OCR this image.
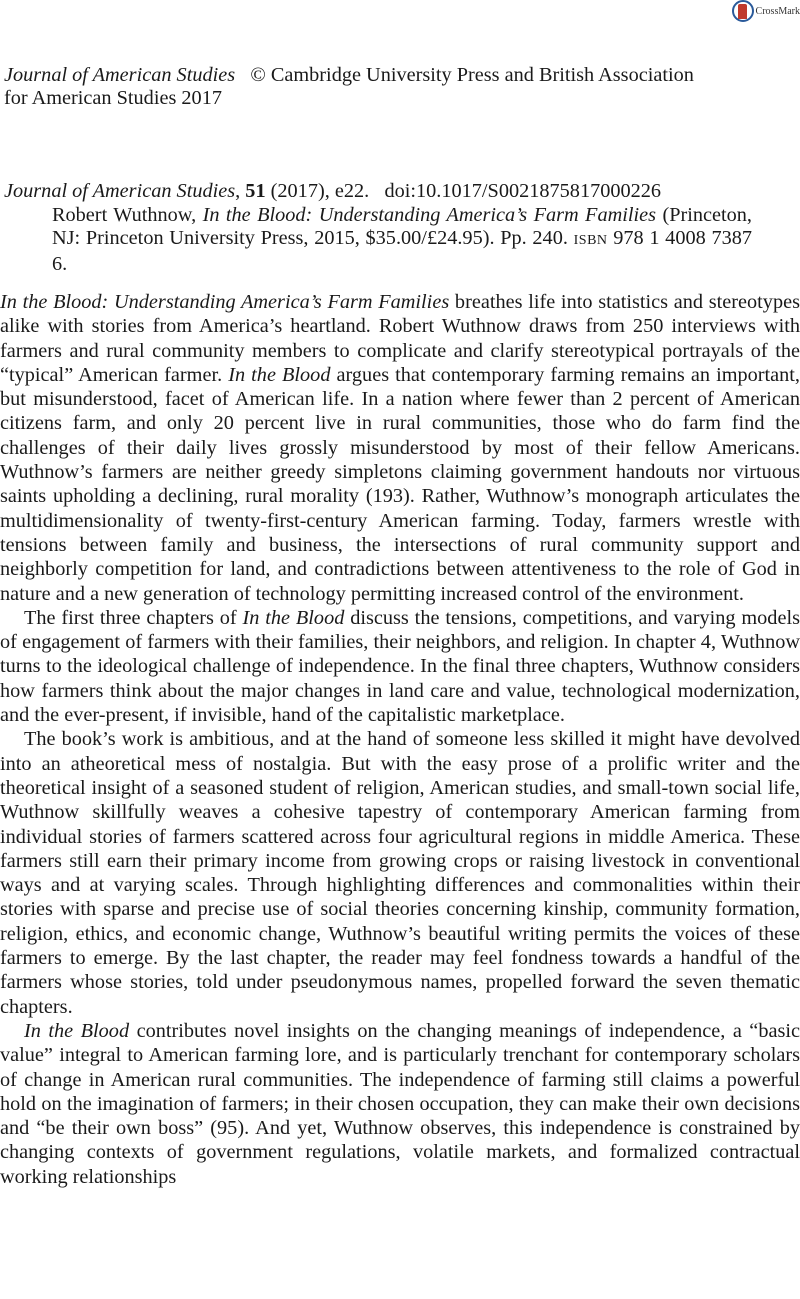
CrossMark
Journal of American Studies © Cambridge University Press and British Association for American Studies 2017
Journal of American Studies, 51 (2017), e22. doi:10.1017/S0021875817000226
Robert Wuthnow, In the Blood: Understanding America’s Farm Families (Princeton, NJ: Princeton University Press, 2015, $35.00/£24.95). Pp. 240. ISBN 978 1 4008 7387 6.

In the Blood: Understanding America’s Farm Families breathes life into statistics and stereotypes alike with stories from America’s heartland. Robert Wuthnow draws from 250 interviews with farmers and rural community members to complicate and clarify stereotypical portrayals of the “typical” American farmer. In the Blood argues that contemporary farming remains an important, but misunderstood, facet of American life. In a nation where fewer than 2 percent of American citizens farm, and only 20 percent live in rural communities, those who do farm find the challenges of their daily lives grossly misunderstood by most of their fellow Americans. Wuthnow’s farmers are neither greedy simpletons claiming government handouts nor virtuous saints upholding a declining, rural morality (193). Rather, Wuthnow’s monograph articulates the multidimensionality of twenty-first-century American farming. Today, farmers wrestle with tensions between family and business, the intersections of rural community support and neighborly competition for land, and contradictions between attentiveness to the role of God in nature and a new generation of technology permitting increased control of the environment.

The first three chapters of In the Blood discuss the tensions, competitions, and varying models of engagement of farmers with their families, their neighbors, and religion. In chapter 4, Wuthnow turns to the ideological challenge of independence. In the final three chapters, Wuthnow considers how farmers think about the major changes in land care and value, technological modernization, and the ever-present, if invisible, hand of the capitalistic marketplace.

The book’s work is ambitious, and at the hand of someone less skilled it might have devolved into an atheoretical mess of nostalgia. But with the easy prose of a prolific writer and the theoretical insight of a seasoned student of religion, American studies, and small-town social life, Wuthnow skillfully weaves a cohesive tapestry of contemporary American farming from individual stories of farmers scattered across four agricultural regions in middle America. These farmers still earn their primary income from growing crops or raising livestock in conventional ways and at varying scales. Through highlighting differences and commonalities within their stories with sparse and precise use of social theories concerning kinship, community formation, religion, ethics, and economic change, Wuthnow’s beautiful writing permits the voices of these farmers to emerge. By the last chapter, the reader may feel fondness towards a handful of the farmers whose stories, told under pseudonymous names, propelled forward the seven thematic chapters.

In the Blood contributes novel insights on the changing meanings of independence, a “basic value” integral to American farming lore, and is particularly trenchant for contemporary scholars of change in American rural communities. The independence of farming still claims a powerful hold on the imagination of farmers; in their chosen occupation, they can make their own decisions and “be their own boss” (95). And yet, Wuthnow observes, this independence is constrained by changing contexts of government regulations, volatile markets, and formalized contractual working relationships
